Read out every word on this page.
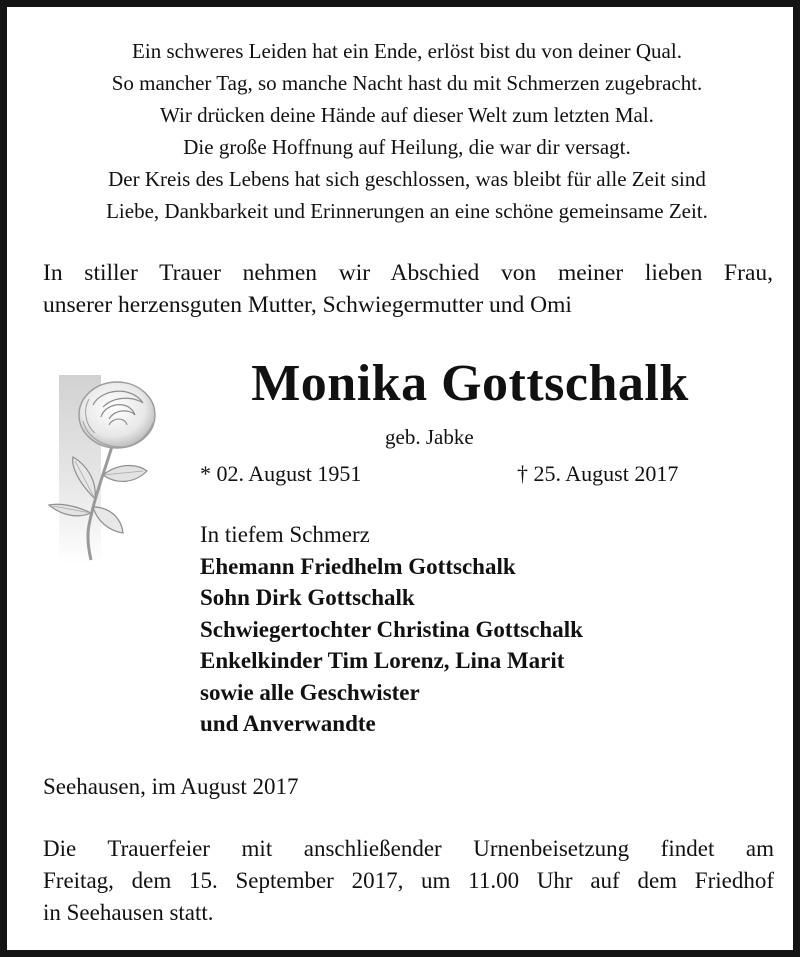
Ein schweres Leiden hat ein Ende, erlöst bist du von deiner Qual.
So mancher Tag, so manche Nacht hast du mit Schmerzen zugebracht.
Wir drücken deine Hände auf dieser Welt zum letzten Mal.
Die große Hoffnung auf Heilung, die war dir versagt.
Der Kreis des Lebens hat sich geschlossen, was bleibt für alle Zeit sind
Liebe, Dankbarkeit und Erinnerungen an eine schöne gemeinsame Zeit.
In stiller Trauer nehmen wir Abschied von meiner lieben Frau,
unserer herzensguten Mutter, Schwiegermutter und Omi
Monika Gottschalk
geb. Jabke
* 02. August 1951	† 25. August 2017
In tiefem Schmerz
Ehemann Friedhelm Gottschalk
Sohn Dirk Gottschalk
Schwiegertochter Christina Gottschalk
Enkelkinder Tim Lorenz, Lina Marit
sowie alle Geschwister
und Anverwandte
Seehausen, im August 2017
Die Trauerfeier mit anschließender Urnenbeisetzung findet am
Freitag, dem 15. September 2017, um 11.00 Uhr auf dem Friedhof
in Seehausen statt.
